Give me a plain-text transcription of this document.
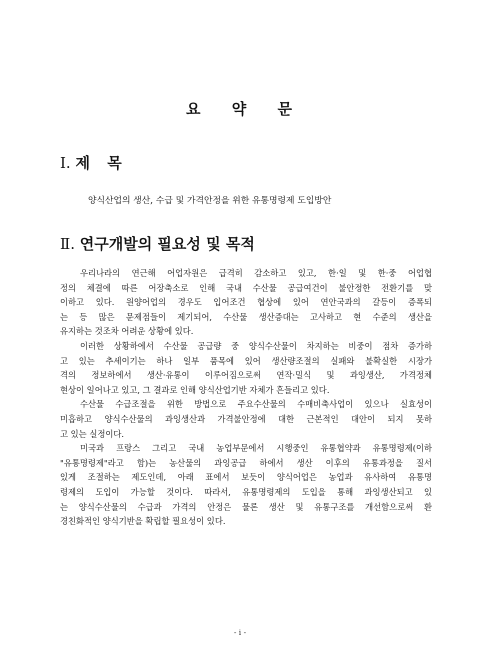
요 약 문
Ⅰ. 제 목
양식산업의 생산, 수급 및 가격안정을 위한 유통명령제 도입방안
Ⅱ. 연구개발의 필요성 및 목적
우리나라의 연근해 어업자원은 급격히 감소하고 있고, 한·일 및 한·중 어업협
정의 체결에 따른 어장축소로 인해 국내 수산물 공급여건이 불안정한 전환기를 맞
이하고 있다. 원양어업의 경우도 입어조건 협상에 있어 연안국과의 갈등이 증폭되
는 등 많은 문제점들이 제기되어, 수산물 생산증대는 고사하고 현 수준의 생산을
유지하는 것조차 어려운 상황에 있다.
이러한 상황하에서 수산물 공급량 중 양식수산물이 차지하는 비중이 점차 증가하
고 있는 추세이기는 하나 일부 품목에 있어 생산량조절의 실패와 불확실한 시장가
격의 정보하에서 생산·유통이 이루어짐으로써 연작·밀식 및 과잉생산, 가격정체
현상이 일어나고 있고, 그 결과로 인해 양식산업기반 자체가 흔들리고 있다.
수산물 수급조절을 위한 방법으로 주요수산물의 수매비축사업이 있으나 실효성이
미흡하고 양식수산물의 과잉생산과 가격불안정에 대한 근본적인 대안이 되지 못하
고 있는 실정이다.
미국과 프랑스 그리고 국내 농업부문에서 시행중인 유통협약과 유통명령제(이하
"유통명령제"라고 함)는 농산물의 과잉공급 하에서 생산 이후의 유통과정을 질서
있게 조절하는 제도인데, 아래 표에서 보듯이 양식어업은 농업과 유사하여 유통명
령제의 도입이 가능할 것이다. 따라서, 유통명령제의 도입을 통해 과잉생산되고 있
는 양식수산물의 수급과 가격의 안정은 물론 생산 및 유통구조를 개선함으로써 환
경친화적인 양식기반을 확립할 필요성이 있다.
- i -
